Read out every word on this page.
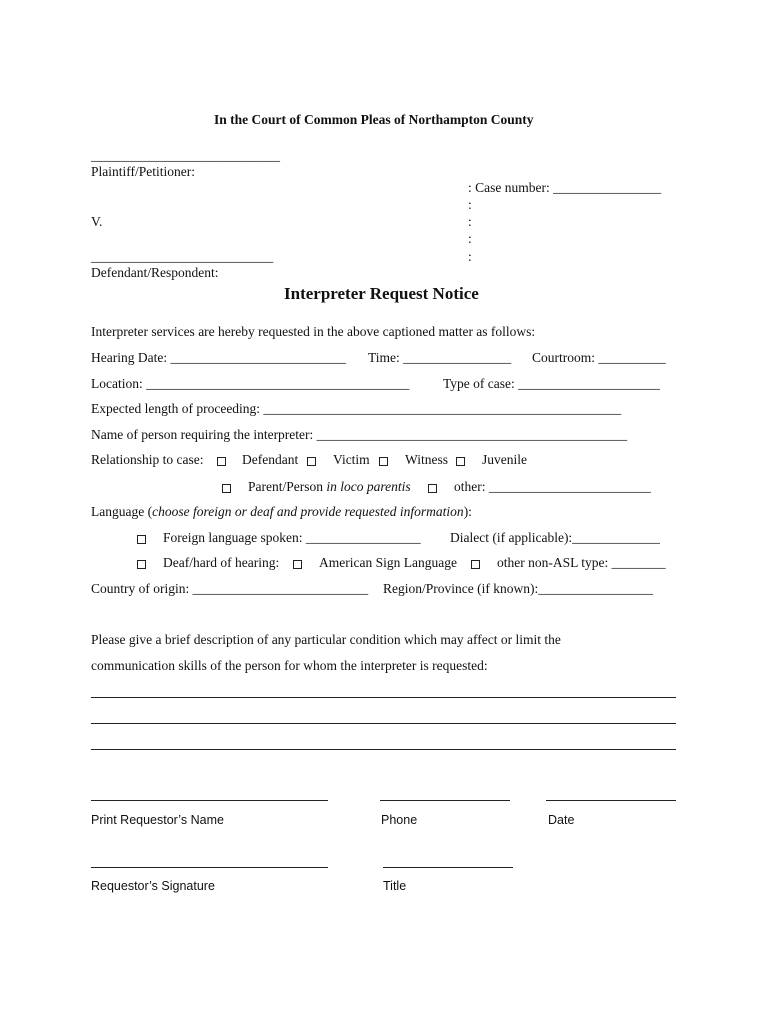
In the Court of Common Pleas of Northampton County
____________________________
Plaintiff/Petitioner:
: Case number: ________________
:
V.	:
:
___________________________	:
Defendant/Respondent:
Interpreter Request Notice
Interpreter services are hereby requested in the above captioned matter as follows:
Hearing Date: __________________________ Time: ________________ Courtroom: __________
Location: _______________________________________ Type of case: _____________________
Expected length of proceeding: _____________________________________________________
Name of person requiring the interpreter: ______________________________________________
Relationship to case:	Defendant	Victim	Witness	Juvenile
Parent/Person in loco parentis	other: ________________________
Language (choose foreign or deaf and provide requested information):
Foreign language spoken: _________________ Dialect (if applicable):_____________
Deaf/hard of hearing:	American Sign Language	other non-ASL type: ________
Country of origin: __________________________ Region/Province (if known):_________________
Please give a brief description of any particular condition which may affect or limit the
communication skills of the person for whom the interpreter is requested:
Print Requestor’s Name	Phone	Date
Requestor’s Signature	Title
